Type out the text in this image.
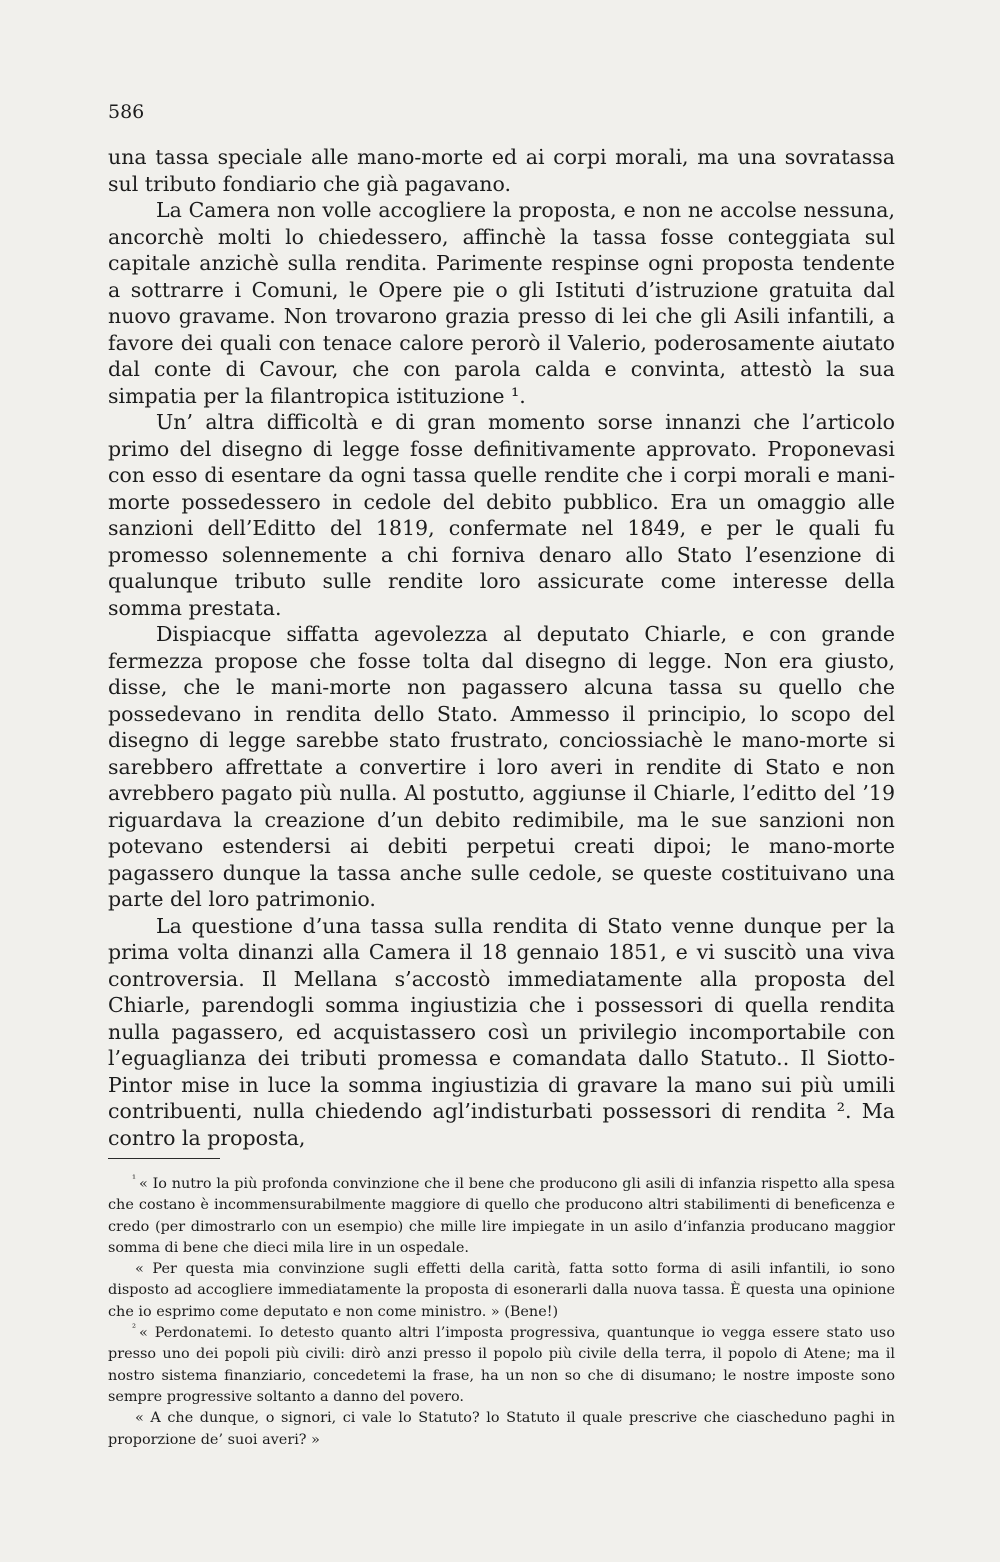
586

una tassa speciale alle mano-morte ed ai corpi morali, ma una sovratassa sul tributo fondiario che già pagavano.

La Camera non volle accogliere la proposta, e non ne accolse nessuna, ancorchè molti lo chiedessero, affinchè la tassa fosse conteggiata sul capitale anzichè sulla rendita. Parimente respinse ogni proposta tendente a sottrarre i Comuni, le Opere pie o gli Istituti d’istruzione gratuita dal nuovo gravame. Non trovarono grazia presso di lei che gli Asili infantili, a favore dei quali con tenace calore perorò il Valerio, poderosamente aiutato dal conte di Cavour, che con parola calda e convinta, attestò la sua simpatia per la filantropica istituzione ¹.

Un’ altra difficoltà e di gran momento sorse innanzi che l’articolo primo del disegno di legge fosse definitivamente approvato. Proponevasi con esso di esentare da ogni tassa quelle rendite che i corpi morali e mani-morte possedessero in cedole del debito pubblico. Era un omaggio alle sanzioni dell’Editto del 1819, confermate nel 1849, e per le quali fu promesso solennemente a chi forniva denaro allo Stato l’esenzione di qualunque tributo sulle rendite loro assicurate come interesse della somma prestata.

Dispiacque siffatta agevolezza al deputato Chiarle, e con grande fermezza propose che fosse tolta dal disegno di legge. Non era giusto, disse, che le mani-morte non pagassero alcuna tassa su quello che possedevano in rendita dello Stato. Ammesso il principio, lo scopo del disegno di legge sarebbe stato frustrato, conciossiachè le mano-morte si sarebbero affrettate a convertire i loro averi in rendite di Stato e non avrebbero pagato più nulla. Al postutto, aggiunse il Chiarle, l’editto del ’19 riguardava la creazione d’un debito redimibile, ma le sue sanzioni non potevano estendersi ai debiti perpetui creati dipoi; le mano-morte pagassero dunque la tassa anche sulle cedole, se queste costituivano una parte del loro patrimonio.

La questione d’una tassa sulla rendita di Stato venne dunque per la prima volta dinanzi alla Camera il 18 gennaio 1851, e vi suscitò una viva controversia. Il Mellana s’accostò immediatamente alla proposta del Chiarle, parendogli somma ingiustizia che i possessori di quella rendita nulla pagassero, ed acquistassero così un privilegio incomportabile con l’eguaglianza dei tributi promessa e comandata dallo Statuto.. Il Siotto-Pintor mise in luce la somma ingiustizia di gravare la mano sui più umili contribuenti, nulla chiedendo agl’indisturbati possessori di rendita ². Ma contro la proposta,

$^{^1}$ « Io nutro la più profonda convinzione che il bene che producono gli asili di infanzia rispetto alla spesa che costano è incommensurabilmente maggiore di quello che producono altri stabilimenti di beneficenza e credo (per dimostrarlo con un esempio) che mille lire impiegate in un asilo d’infanzia producano maggior somma di bene che dieci mila lire in un ospedale.

« Per questa mia convinzione sugli effetti della carità, fatta sotto forma di asili infantili, io sono disposto ad accogliere immediatamente la proposta di esonerarli dalla nuova tassa. È questa una opinione che io esprimo come deputato e non come ministro. » (Bene!)

$^{^2}$ « Perdonatemi. Io detesto quanto altri l’imposta progressiva, quantunque io vegga essere stato uso presso uno dei popoli più civili: dirò anzi presso il popolo più civile della terra, il popolo di Atene; ma il nostro sistema finanziario, concedetemi la frase, ha un non so che di disumano; le nostre imposte sono sempre progressive soltanto a danno del povero.

« A che dunque, o signori, ci vale lo Statuto? lo Statuto il quale prescrive che ciascheduno paghi in proporzione de’ suoi averi? »
